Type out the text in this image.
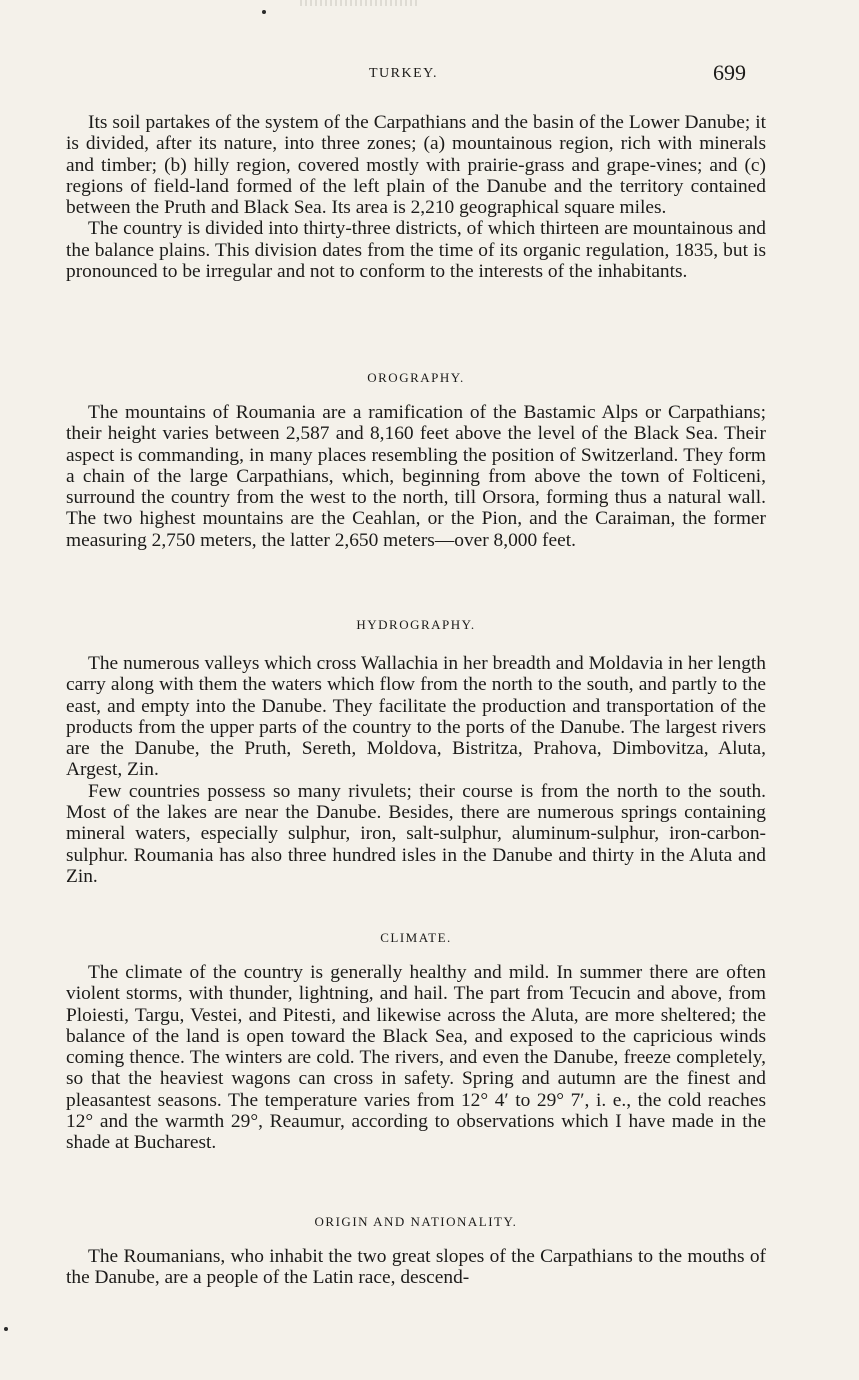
TURKEY.	699

Its soil partakes of the system of the Carpathians and the basin of the Lower Danube; it is divided, after its nature, into three zones; (a) mountainous region, rich with minerals and timber; (b) hilly region, covered mostly with prairie-grass and grape-vines; and (c) regions of field-land formed of the left plain of the Danube and the territory contained between the Pruth and Black Sea. Its area is 2,210 geographical square miles.

The country is divided into thirty-three districts, of which thirteen are mountainous and the balance plains. This division dates from the time of its organic regulation, 1835, but is pronounced to be irregular and not to conform to the interests of the inhabitants.

OROGRAPHY.

The mountains of Roumania are a ramification of the Bastamic Alps or Carpathians; their height varies between 2,587 and 8,160 feet above the level of the Black Sea. Their aspect is commanding, in many places resembling the position of Switzerland. They form a chain of the large Carpathians, which, beginning from above the town of Folticeni, surround the country from the west to the north, till Orsora, forming thus a natural wall. The two highest mountains are the Ceahlan, or the Pion, and the Caraiman, the former measuring 2,750 meters, the latter 2,650 meters—over 8,000 feet.

HYDROGRAPHY.

The numerous valleys which cross Wallachia in her breadth and Moldavia in her length carry along with them the waters which flow from the north to the south, and partly to the east, and empty into the Danube. They facilitate the production and transportation of the products from the upper parts of the country to the ports of the Danube. The largest rivers are the Danube, the Pruth, Sereth, Moldova, Bistritza, Prahova, Dimbovitza, Aluta, Argest, Zin.

Few countries possess so many rivulets; their course is from the north to the south. Most of the lakes are near the Danube. Besides, there are numerous springs containing mineral waters, especially sulphur, iron, salt-sulphur, aluminum-sulphur, iron-carbon-sulphur. Roumania has also three hundred isles in the Danube and thirty in the Aluta and Zin.

CLIMATE.

The climate of the country is generally healthy and mild. In summer there are often violent storms, with thunder, lightning, and hail. The part from Tecucin and above, from Ploiesti, Targu, Vestei, and Pitesti, and likewise across the Aluta, are more sheltered; the balance of the land is open toward the Black Sea, and exposed to the capricious winds coming thence. The winters are cold. The rivers, and even the Danube, freeze completely, so that the heaviest wagons can cross in safety. Spring and autumn are the finest and pleasantest seasons. The temperature varies from 12° 4′ to 29° 7′, i. e., the cold reaches 12° and the warmth 29°, Reaumur, according to observations which I have made in the shade at Bucharest.

ORIGIN AND NATIONALITY.

The Roumanians, who inhabit the two great slopes of the Carpathians to the mouths of the Danube, are a people of the Latin race, descend-
